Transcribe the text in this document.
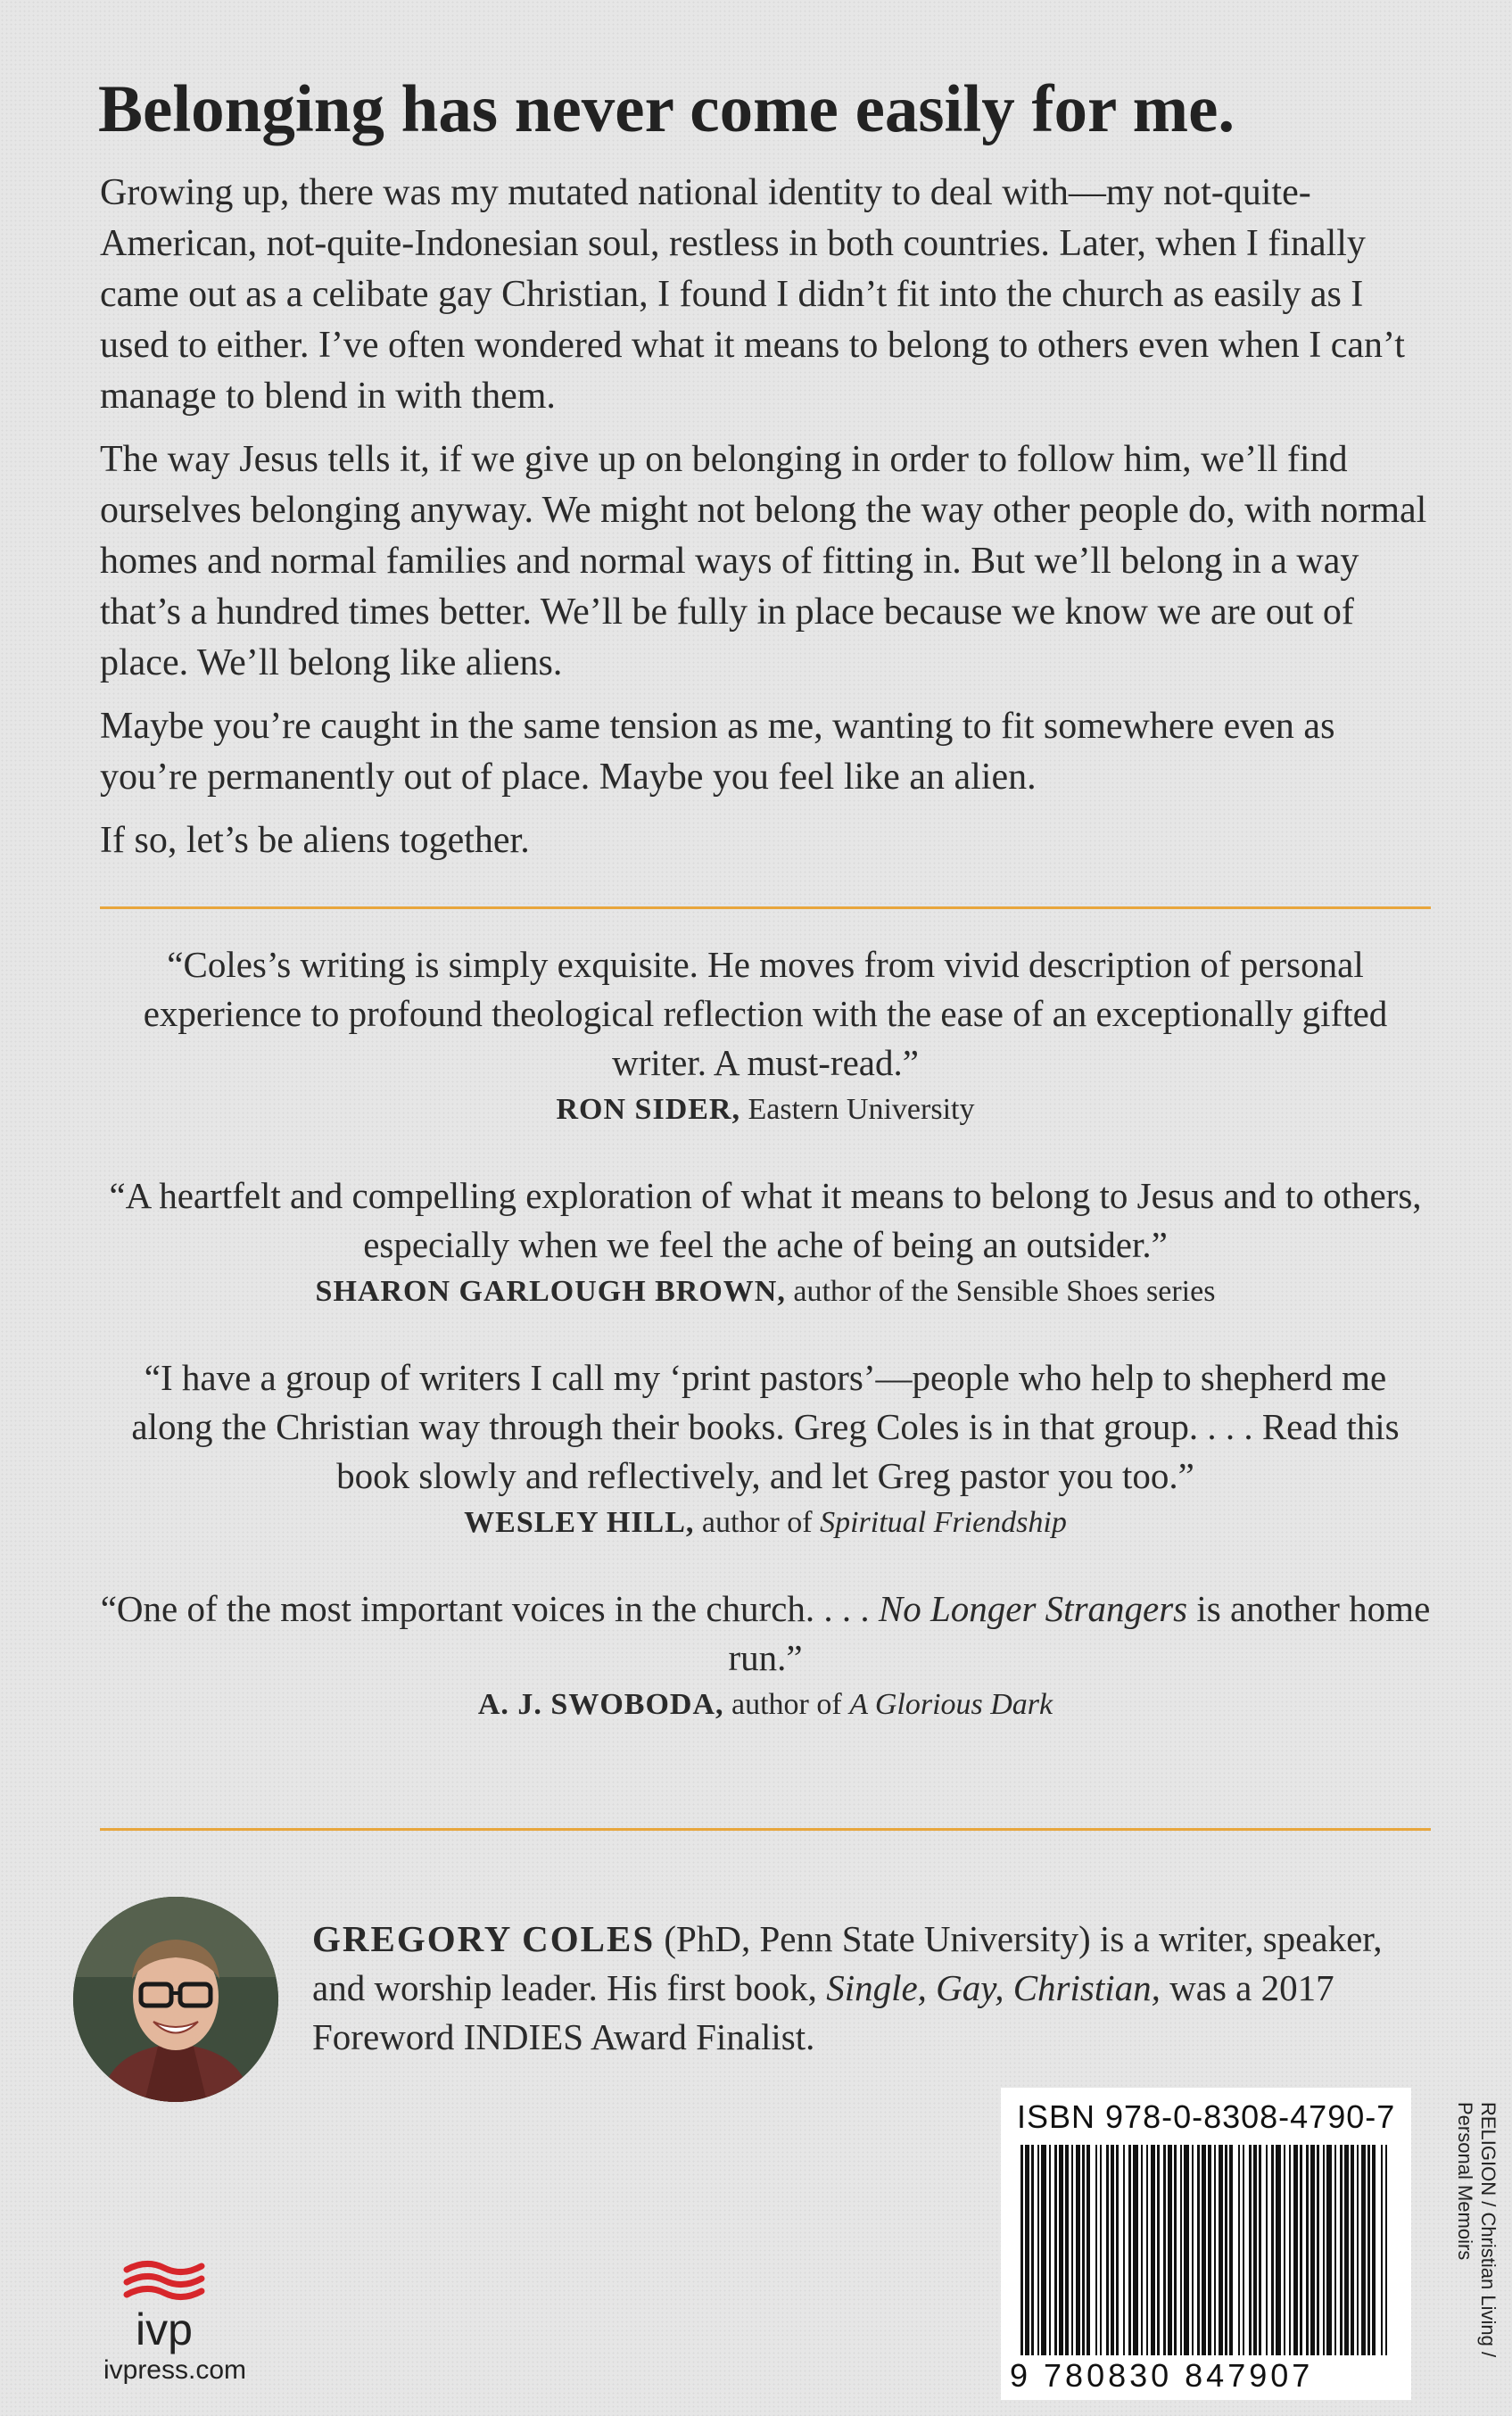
Belonging has never come easily for me.

Growing up, there was my mutated national identity to deal with—my not-quite-American, not-quite-Indonesian soul, restless in both countries. Later, when I finally came out as a celibate gay Christian, I found I didn’t fit into the church as easily as I used to either. I’ve often wondered what it means to belong to others even when I can’t manage to blend in with them.

The way Jesus tells it, if we give up on belonging in order to follow him, we’ll find ourselves belonging anyway. We might not belong the way other people do, with normal homes and normal families and normal ways of fitting in. But we’ll belong in a way that’s a hundred times better. We’ll be fully in place because we know we are out of place. We’ll belong like aliens.

Maybe you’re caught in the same tension as me, wanting to fit somewhere even as you’re permanently out of place. Maybe you feel like an alien.

If so, let’s be aliens together.

“Coles’s writing is simply exquisite. He moves from vivid description of personal experience to profound theological reflection with the ease of an exceptionally gifted writer. A must-read.”
RON SIDER, Eastern University
“A heartfelt and compelling exploration of what it means to belong to Jesus and to others, especially when we feel the ache of being an outsider.”
SHARON GARLOUGH BROWN, author of the Sensible Shoes series
“I have a group of writers I call my ‘print pastors’—people who help to shepherd me along the Christian way through their books. Greg Coles is in that group. . . . Read this book slowly and reflectively, and let Greg pastor you too.”
WESLEY HILL, author of Spiritual Friendship
“One of the most important voices in the church. . . . No Longer Strangers is another home run.”
A. J. SWOBODA, author of A Glorious Dark
GREGORY COLES (PhD, Penn State University) is a writer, speaker, and worship leader. His first book, Single, Gay, Christian, was a 2017 Foreword INDIES Award Finalist.
ivp
ivpress.com
ISBN 978-0-8308-4790-7
9 780830 847907
RELIGION / Christian Living /
Personal Memoirs
